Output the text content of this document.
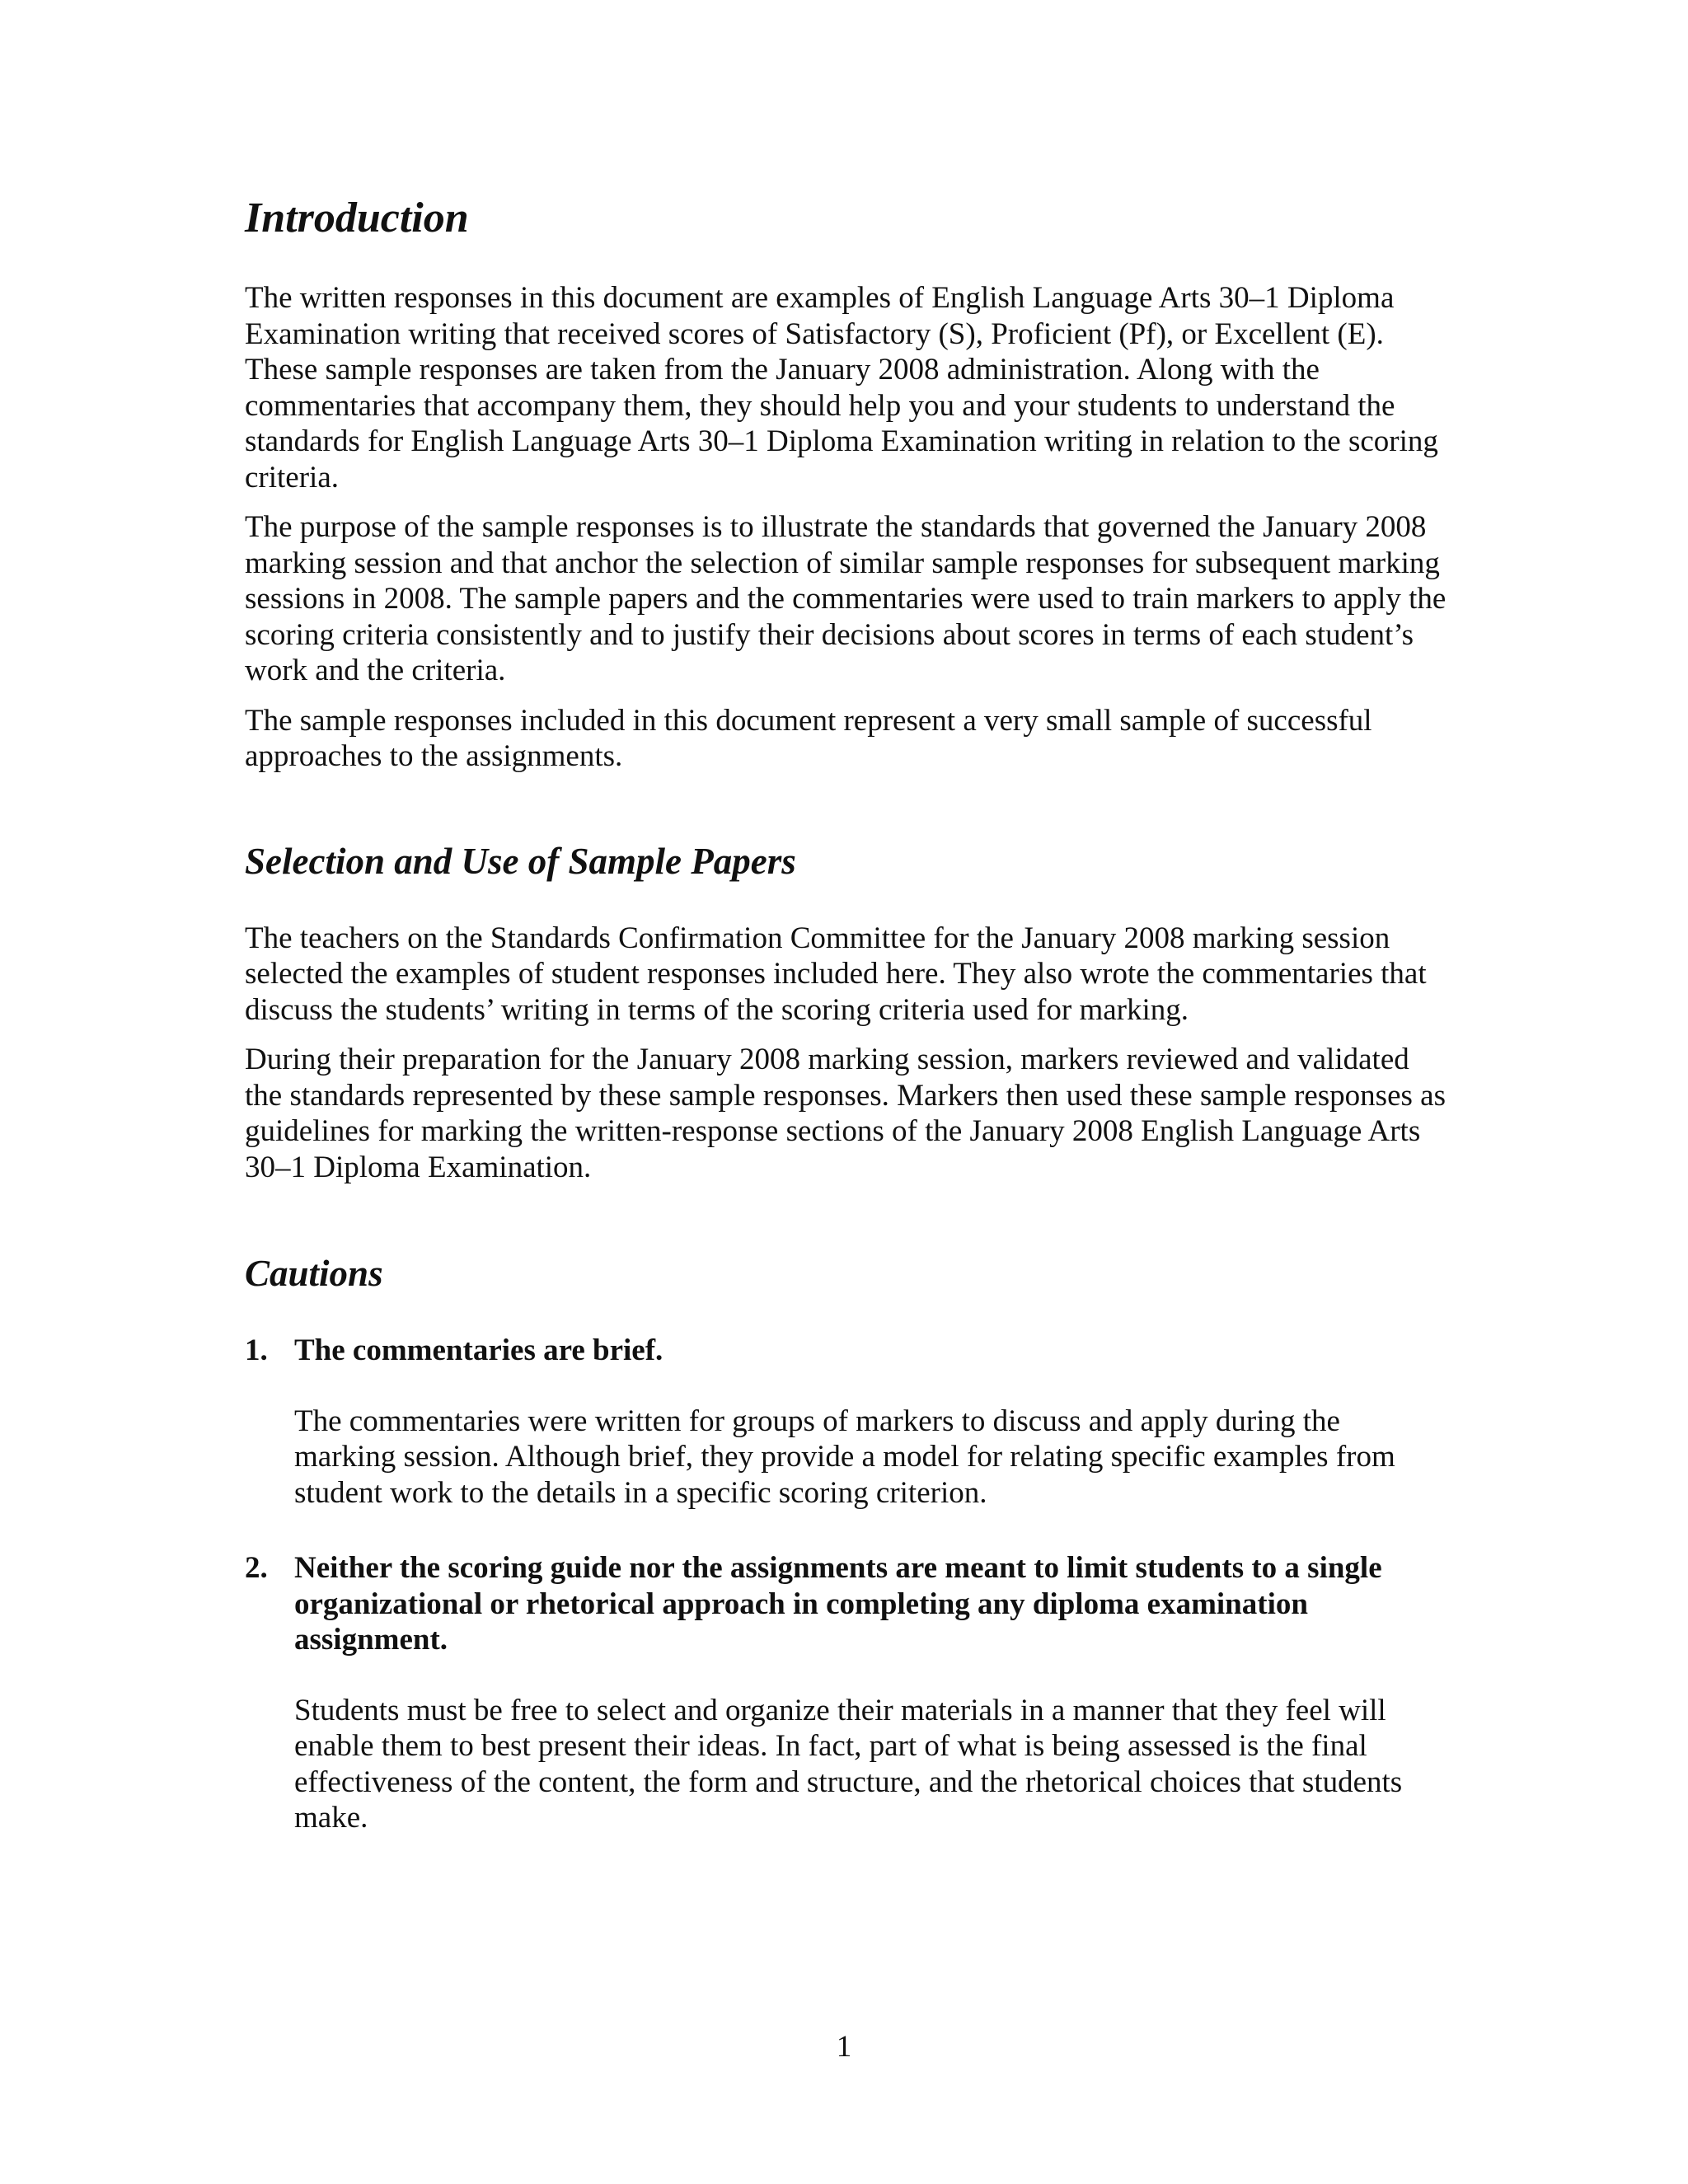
Introduction

The written responses in this document are examples of English Language Arts 30–1 Diploma Examination writing that received scores of Satisfactory (S), Proficient (Pf), or Excellent (E). These sample responses are taken from the January 2008 administration. Along with the commentaries that accompany them, they should help you and your students to understand the standards for English Language Arts 30–1 Diploma Examination writing in relation to the scoring criteria.

The purpose of the sample responses is to illustrate the standards that governed the January 2008 marking session and that anchor the selection of similar sample responses for subsequent marking sessions in 2008. The sample papers and the commentaries were used to train markers to apply the scoring criteria consistently and to justify their decisions about scores in terms of each student’s work and the criteria.

The sample responses included in this document represent a very small sample of successful approaches to the assignments.

Selection and Use of Sample Papers

The teachers on the Standards Confirmation Committee for the January 2008 marking session selected the examples of student responses included here. They also wrote the commentaries that discuss the students’ writing in terms of the scoring criteria used for marking.

During their preparation for the January 2008 marking session, markers reviewed and validated the standards represented by these sample responses. Markers then used these sample responses as guidelines for marking the written-response sections of the January 2008 English Language Arts 30–1 Diploma Examination.

Cautions
1. The commentaries are brief.

The commentaries were written for groups of markers to discuss and apply during the marking session. Although brief, they provide a model for relating specific examples from student work to the details in a specific scoring criterion.

2. Neither the scoring guide nor the assignments are meant to limit students to a single organizational or rhetorical approach in completing any diploma examination assignment.

Students must be free to select and organize their materials in a manner that they feel will enable them to best present their ideas. In fact, part of what is being assessed is the final effectiveness of the content, the form and structure, and the rhetorical choices that students make.

1
